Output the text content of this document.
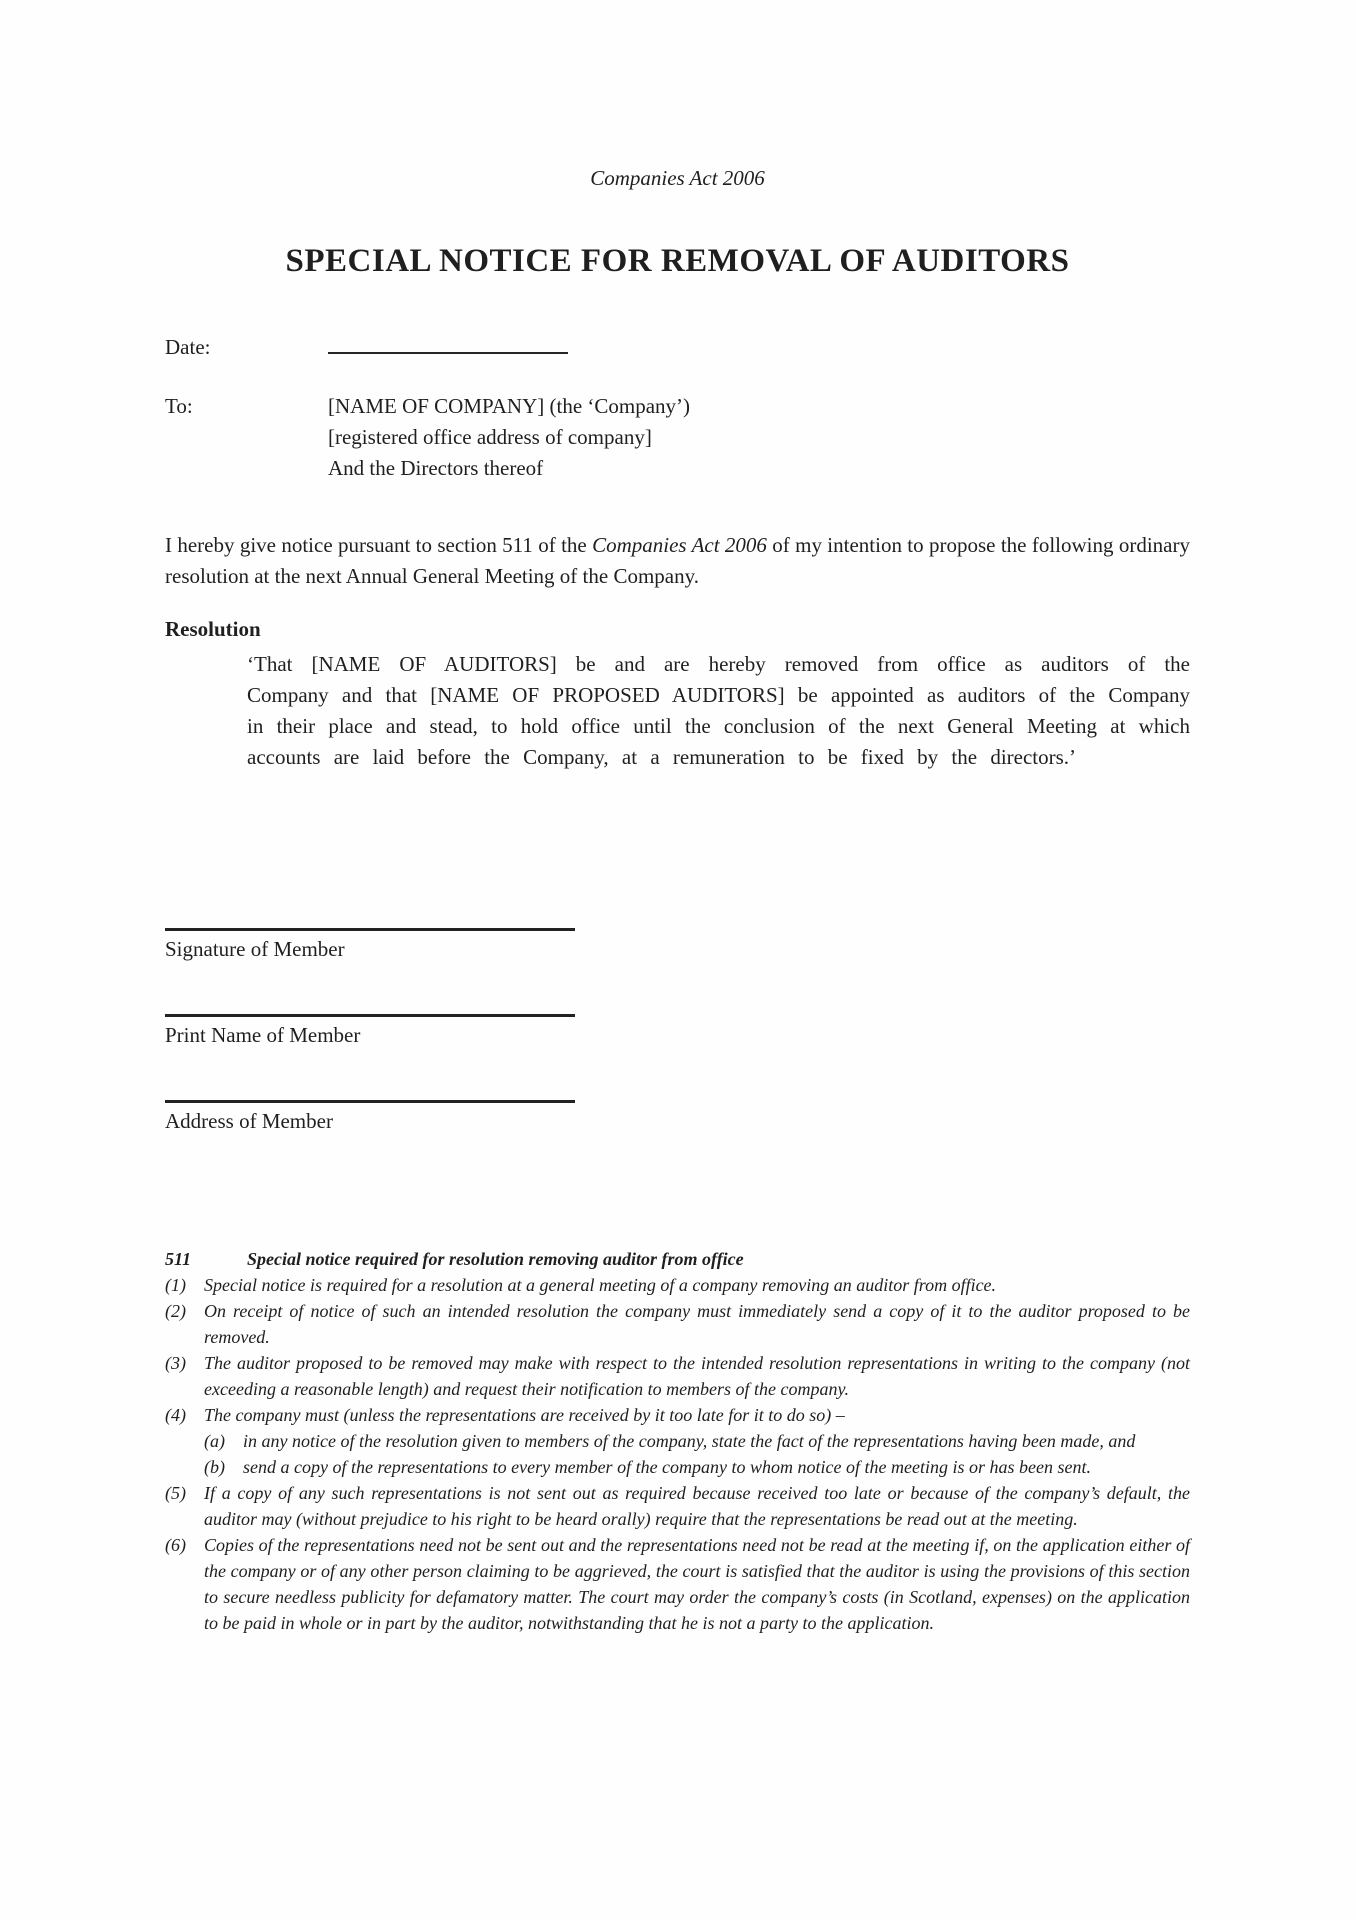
Companies Act 2006
SPECIAL NOTICE FOR REMOVAL OF AUDITORS
Date:
To:	[NAME OF COMPANY] (the ‘Company’)
[registered office address of company]
And the Directors thereof

I hereby give notice pursuant to section 511 of the Companies Act 2006 of my intention to propose the following ordinary resolution at the next Annual General Meeting of the Company.

Resolution

‘That [NAME OF AUDITORS] be and are hereby removed from office as auditors of the Company and that [NAME OF PROPOSED AUDITORS] be appointed as auditors of the Company in their place and stead, to hold office until the conclusion of the next General Meeting at which accounts are laid before the Company, at a remuneration to be fixed by the directors.’

Signature of Member
Print Name of Member
Address of Member
511	Special notice required for resolution removing auditor from office
(1)	Special notice is required for a resolution at a general meeting of a company removing an auditor from office.
(2)	On receipt of notice of such an intended resolution the company must immediately send a copy of it to the auditor proposed to be removed.
(3)	The auditor proposed to be removed may make with respect to the intended resolution representations in writing to the company (not exceeding a reasonable length) and request their notification to members of the company.
(4)	The company must (unless the representations are received by it too late for it to do so) –
(a)	in any notice of the resolution given to members of the company, state the fact of the representations having been made, and
(b)	send a copy of the representations to every member of the company to whom notice of the meeting is or has been sent.
(5)	If a copy of any such representations is not sent out as required because received too late or because of the company’s default, the auditor may (without prejudice to his right to be heard orally) require that the representations be read out at the meeting.
(6)	Copies of the representations need not be sent out and the representations need not be read at the meeting if, on the application either of the company or of any other person claiming to be aggrieved, the court is satisfied that the auditor is using the provisions of this section to secure needless publicity for defamatory matter. The court may order the company’s costs (in Scotland, expenses) on the application to be paid in whole or in part by the auditor, notwithstanding that he is not a party to the application.
